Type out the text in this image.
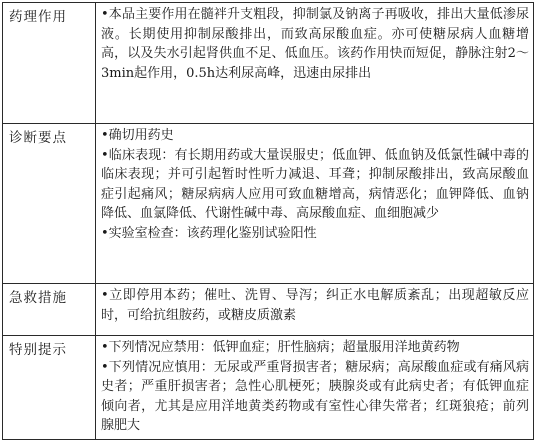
药理作用	•本品主要作用在髓袢升支粗段，抑制氯及钠离子再吸收，排出大量低渗尿液。长期使用抑制尿酸排出，而致高尿酸血症。亦可使糖尿病人血糖增高，以及失水引起肾供血不足、低血压。该药作用快而短促，静脉注射2～3min起作用，0.5h达利尿高峰，迅速由尿排出

诊断要点	•确切用药史
•临床表现：有长期用药或大量误服史；低血钾、低血钠及低氯性碱中毒的临床表现；并可引起暂时性听力减退、耳聋；抑制尿酸排出，致高尿酸血症引起痛风；糖尿病病人应用可致血糖增高，病情恶化；血钾降低、血钠降低、血氯降低、代谢性碱中毒、高尿酸血症、血细胞减少
•实验室检查：该药理化鉴别试验阳性

急救措施	•立即停用本药；催吐、洗胃、导泻；纠正水电解质紊乱；出现超敏反应时，可给抗组胺药，或糖皮质激素

特别提示	•下列情况应禁用：低钾血症；肝性脑病；超量服用洋地黄药物
•下列情况应慎用：无尿或严重肾损害者；糖尿病；高尿酸血症或有痛风病史者；严重肝损害者；急性心肌梗死；胰腺炎或有此病史者；有低钾血症倾向者，尤其是应用洋地黄类药物或有室性心律失常者；红斑狼疮；前列腺肥大
